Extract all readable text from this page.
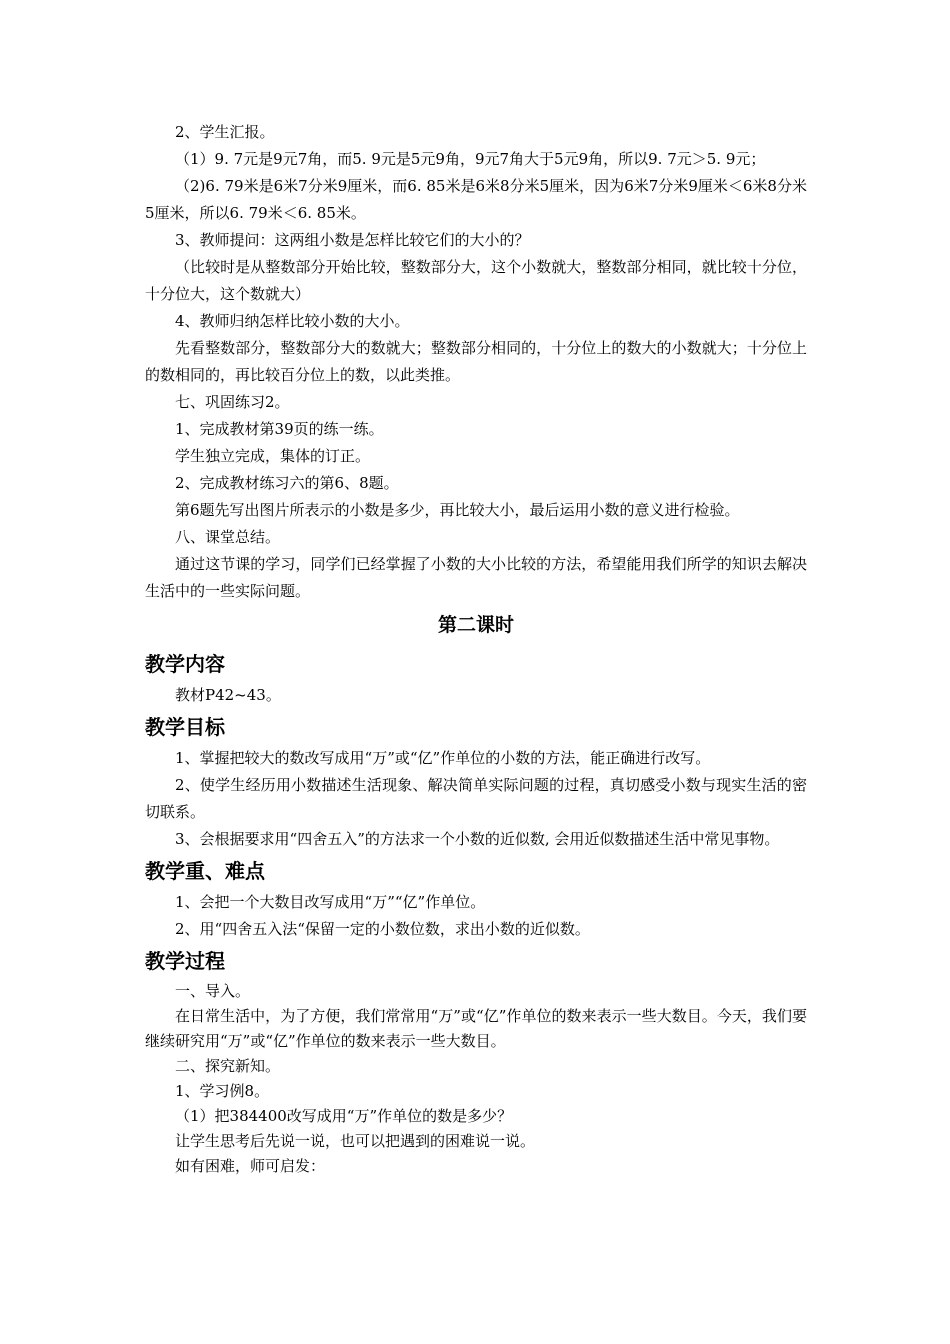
2、学生汇报。

（1）9. 7元是9元7角，而5. 9元是5元9角，9元7角大于5元9角，所以9. 7元＞5. 9元；

（2)6. 79米是6米7分米9厘米，而6. 85米是6米8分米5厘米，因为6米7分米9厘米＜6米8分米5厘米，所以6. 79米＜6. 85米。

3、教师提问：这两组小数是怎样比较它们的大小的？

（比较时是从整数部分开始比较，整数部分大，这个小数就大，整数部分相同，就比较十分位，十分位大，这个数就大）

4、教师归纳怎样比较小数的大小。

先看整数部分，整数部分大的数就大；整数部分相同的，十分位上的数大的小数就大；十分位上的数相同的，再比较百分位上的数，以此类推。

七、巩固练习2。

1、完成教材第39页的练一练。

学生独立完成，集体的订正。

2、完成教材练习六的第6、8题。

第6题先写出图片所表示的小数是多少，再比较大小，最后运用小数的意义进行检验。

八、课堂总结。

通过这节课的学习，同学们已经掌握了小数的大小比较的方法，希望能用我们所学的知识去解决生活中的一些实际问题。

第二课时
教学内容

教材P42~43。

教学目标

1、掌握把较大的数改写成用“万”或“亿”作单位的小数的方法，能正确进行改写。

2、使学生经历用小数描述生活现象、解决简单实际问题的过程，真切感受小数与现实生活的密切联系。

3、会根据要求用“四舍五入”的方法求一个小数的近似数, 会用近似数描述生活中常见事物。

教学重、难点

1、会把一个大数目改写成用“万”“亿”作单位。

2、用“四舍五入法“保留一定的小数位数，求出小数的近似数。

教学过程

一、导入。

在日常生活中，为了方便，我们常常用“万”或“亿”作单位的数来表示一些大数目。今天，我们要继续研究用“万”或“亿”作单位的数来表示一些大数目。

二、探究新知。

1、学习例8。

（1）把384400改写成用“万”作单位的数是多少？

让学生思考后先说一说，也可以把遇到的困难说一说。

如有困难，师可启发：
